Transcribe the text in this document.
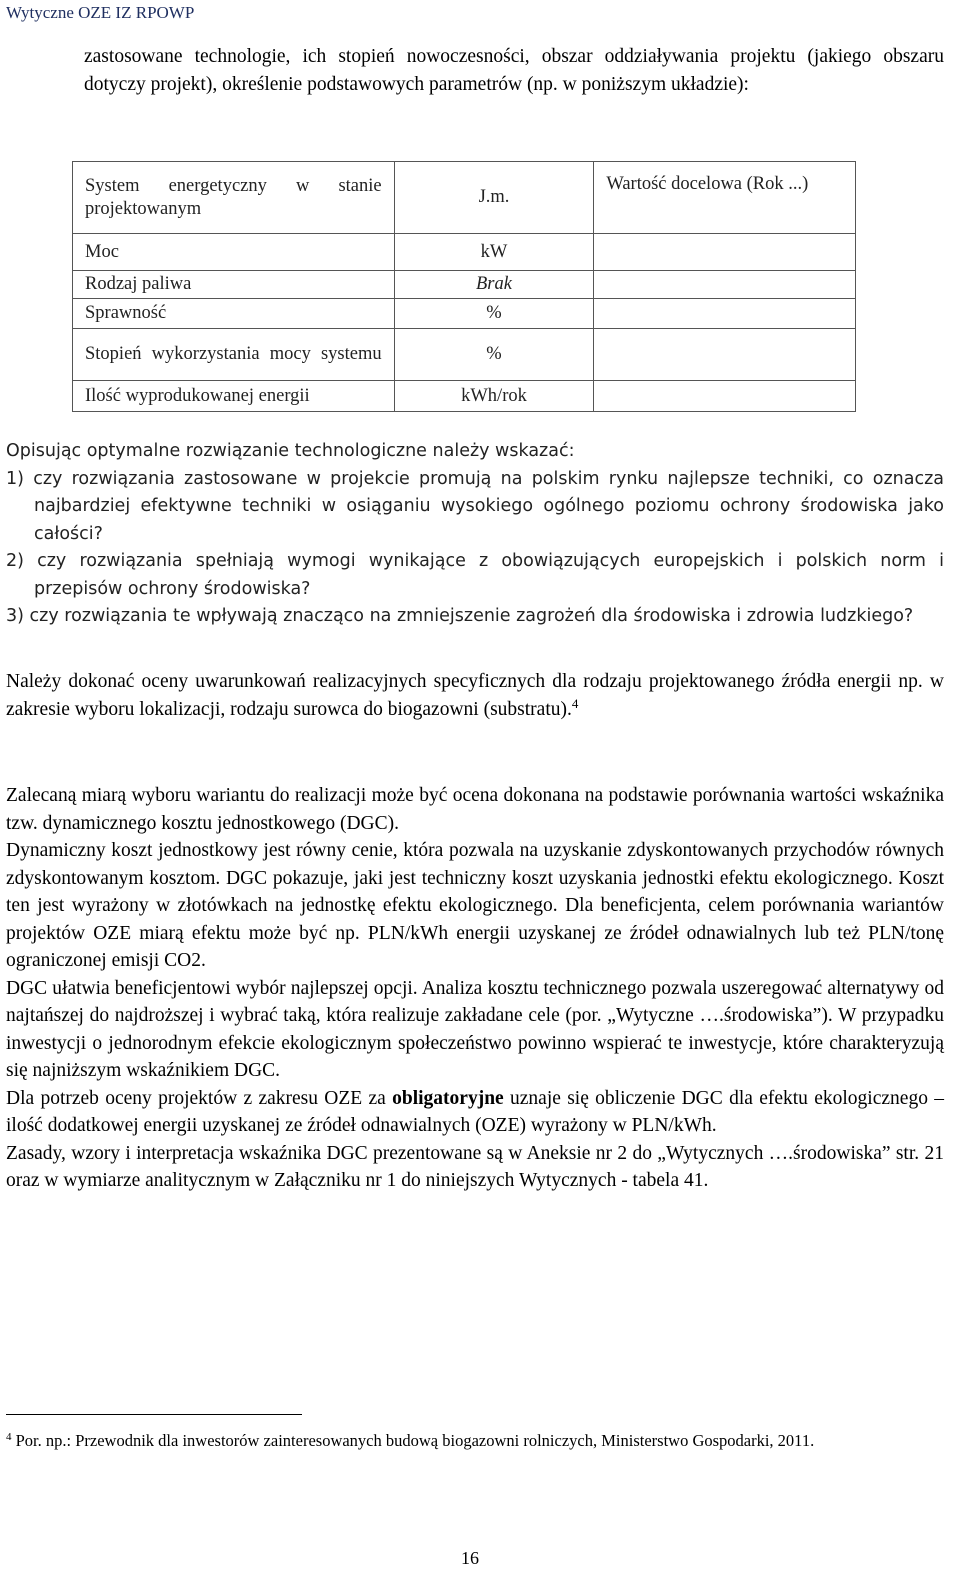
Wytyczne OZE IZ RPOWP
zastosowane technologie, ich stopień nowoczesności, obszar oddziaływania projektu (jakiego obszaru dotyczy projekt), określenie podstawowych parametrów (np. w poniższym układzie):
System energetyczny w stanie projektowanym	J.m.	Wartość docelowa (Rok ...)
Moc	kW	
Rodzaj paliwa	Brak	
Sprawność	%	
Stopień wykorzystania mocy systemu	%	
Ilość wyprodukowanej energii	kWh/rok	

Opisując optymalne rozwiązanie technologiczne należy wskazać:

1) czy rozwiązania zastosowane w projekcie promują na polskim rynku najlepsze techniki, co oznacza najbardziej efektywne techniki w osiąganiu wysokiego ogólnego poziomu ochrony środowiska jako całości?

2) czy rozwiązania spełniają wymogi wynikające z obowiązujących europejskich i polskich norm i przepisów ochrony środowiska?

3) czy rozwiązania te wpływają znacząco na zmniejszenie zagrożeń dla środowiska i zdrowia ludzkiego?

Należy dokonać oceny uwarunkowań realizacyjnych specyficznych dla rodzaju projektowanego źródła energii np. w zakresie wyboru lokalizacji, rodzaju surowca do biogazowni (substratu).$^4$

Zalecaną miarą wyboru wariantu do realizacji może być ocena dokonana na podstawie porównania wartości wskaźnika tzw. dynamicznego kosztu jednostkowego (DGC).

Dynamiczny koszt jednostkowy jest równy cenie, która pozwala na uzyskanie zdyskontowanych przychodów równych zdyskontowanym kosztom. DGC pokazuje, jaki jest techniczny koszt uzyskania jednostki efektu ekologicznego. Koszt ten jest wyrażony w złotówkach na jednostkę efektu ekologicznego. Dla beneficjenta, celem porównania wariantów projektów OZE miarą efektu może być np. PLN/kWh energii uzyskanej ze źródeł odnawialnych lub też PLN/tonę ograniczonej emisji CO2.

DGC ułatwia beneficjentowi wybór najlepszej opcji. Analiza kosztu technicznego pozwala uszeregować alternatywy od najtańszej do najdroższej i wybrać taką, która realizuje zakładane cele (por. „Wytyczne ….środowiska”). W przypadku inwestycji o jednorodnym efekcie ekologicznym społeczeństwo powinno wspierać te inwestycje, które charakteryzują się najniższym wskaźnikiem DGC.

Dla potrzeb oceny projektów z zakresu OZE za obligatoryjne uznaje się obliczenie DGC dla efektu ekologicznego – ilość dodatkowej energii uzyskanej ze źródeł odnawialnych (OZE) wyrażony w PLN/kWh.

Zasady, wzory i interpretacja wskaźnika DGC prezentowane są w Aneksie nr 2 do „Wytycznych ….środowiska” str. 21 oraz w wymiarze analitycznym w Załączniku nr 1 do niniejszych Wytycznych - tabela 41.

$^4$ Por. np.: Przewodnik dla inwestorów zainteresowanych budową biogazowni rolniczych, Ministerstwo Gospodarki, 2011.
16
